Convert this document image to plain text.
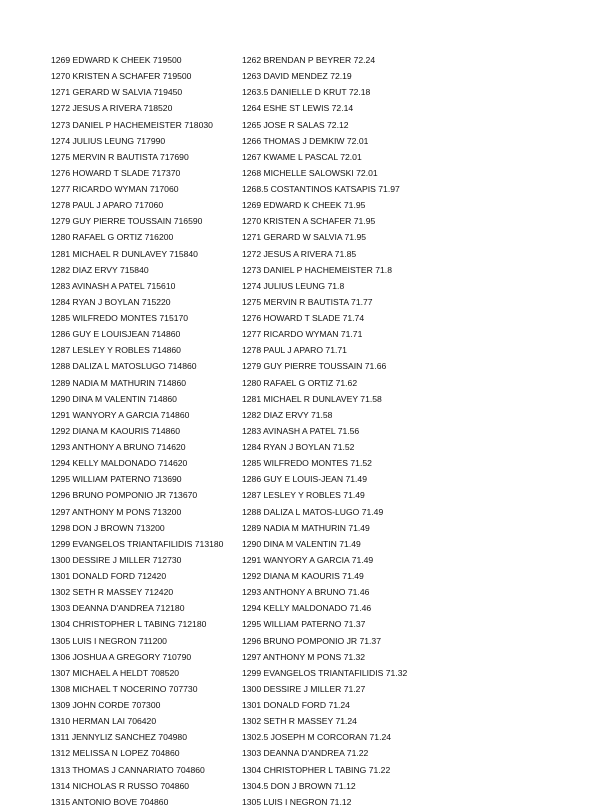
1269 EDWARD K CHEEK 719500
1270 KRISTEN A SCHAFER 719500
1271 GERARD W SALVIA 719450
1272 JESUS A RIVERA 718520
1273 DANIEL P HACHEMEISTER 718030
1274 JULIUS LEUNG 717990
1275 MERVIN R BAUTISTA 717690
1276 HOWARD T SLADE 717370
1277 RICARDO WYMAN 717060
1278 PAUL J APARO 717060
1279 GUY PIERRE TOUSSAIN 716590
1280 RAFAEL G ORTIZ 716200
1281 MICHAEL R DUNLAVEY 715840
1282 DIAZ ERVY 715840
1283 AVINASH A PATEL 715610
1284 RYAN J BOYLAN 715220
1285 WILFREDO MONTES 715170
1286 GUY E LOUISJEAN 714860
1287 LESLEY Y ROBLES 714860
1288 DALIZA L MATOSLUGO 714860
1289 NADIA M MATHURIN 714860
1290 DINA M VALENTIN 714860
1291 WANYORY A GARCIA 714860
1292 DIANA M KAOURIS 714860
1293 ANTHONY A BRUNO 714620
1294 KELLY MALDONADO 714620
1295 WILLIAM PATERNO 713690
1296 BRUNO POMPONIO JR 713670
1297 ANTHONY M PONS 713200
1298 DON J BROWN 713200
1299 EVANGELOS TRIANTAFILIDIS 713180
1300 DESSIRE J MILLER 712730
1301 DONALD FORD 712420
1302 SETH R MASSEY 712420
1303 DEANNA D'ANDREA 712180
1304 CHRISTOPHER L TABING 712180
1305 LUIS I NEGRON 711200
1306 JOSHUA A GREGORY 710790
1307 MICHAEL A HELDT 708520
1308 MICHAEL T NOCERINO 707730
1309 JOHN CORDE 707300
1310 HERMAN LAI 706420
1311 JENNYLIZ SANCHEZ 704980
1312 MELISSA N LOPEZ 704860
1313 THOMAS J CANNARIATO 704860
1314 NICHOLAS R RUSSO 704860
1315 ANTONIO BOVE 704860
1262 BRENDAN P BEYRER 72.24
1263 DAVID MENDEZ 72.19
1263.5 DANIELLE D KRUT 72.18
1264 ESHE ST LEWIS 72.14
1265 JOSE R SALAS 72.12
1266 THOMAS J DEMKIW 72.01
1267 KWAME L PASCAL 72.01
1268 MICHELLE SALOWSKI 72.01
1268.5 COSTANTINOS KATSAPIS 71.97
1269 EDWARD K CHEEK 71.95
1270 KRISTEN A SCHAFER 71.95
1271 GERARD W SALVIA 71.95
1272 JESUS A RIVERA 71.85
1273 DANIEL P HACHEMEISTER 71.8
1274 JULIUS LEUNG 71.8
1275 MERVIN R BAUTISTA 71.77
1276 HOWARD T SLADE 71.74
1277 RICARDO WYMAN 71.71
1278 PAUL J APARO 71.71
1279 GUY PIERRE TOUSSAIN 71.66
1280 RAFAEL G ORTIZ 71.62
1281 MICHAEL R DUNLAVEY 71.58
1282 DIAZ ERVY 71.58
1283 AVINASH A PATEL 71.56
1284 RYAN J BOYLAN 71.52
1285 WILFREDO MONTES 71.52
1286 GUY E LOUIS-JEAN 71.49
1287 LESLEY Y ROBLES 71.49
1288 DALIZA L MATOS-LUGO 71.49
1289 NADIA M MATHURIN 71.49
1290 DINA M VALENTIN 71.49
1291 WANYORY A GARCIA 71.49
1292 DIANA M KAOURIS 71.49
1293 ANTHONY A BRUNO 71.46
1294 KELLY MALDONADO 71.46
1295 WILLIAM PATERNO 71.37
1296 BRUNO POMPONIO JR 71.37
1297 ANTHONY M PONS 71.32
1299 EVANGELOS TRIANTAFILIDIS 71.32
1300 DESSIRE J MILLER 71.27
1301 DONALD FORD 71.24
1302 SETH R MASSEY 71.24
1302.5 JOSEPH M CORCORAN 71.24
1303 DEANNA D'ANDREA 71.22
1304 CHRISTOPHER L TABING 71.22
1304.5 DON J BROWN 71.12
1305 LUIS I NEGRON 71.12
